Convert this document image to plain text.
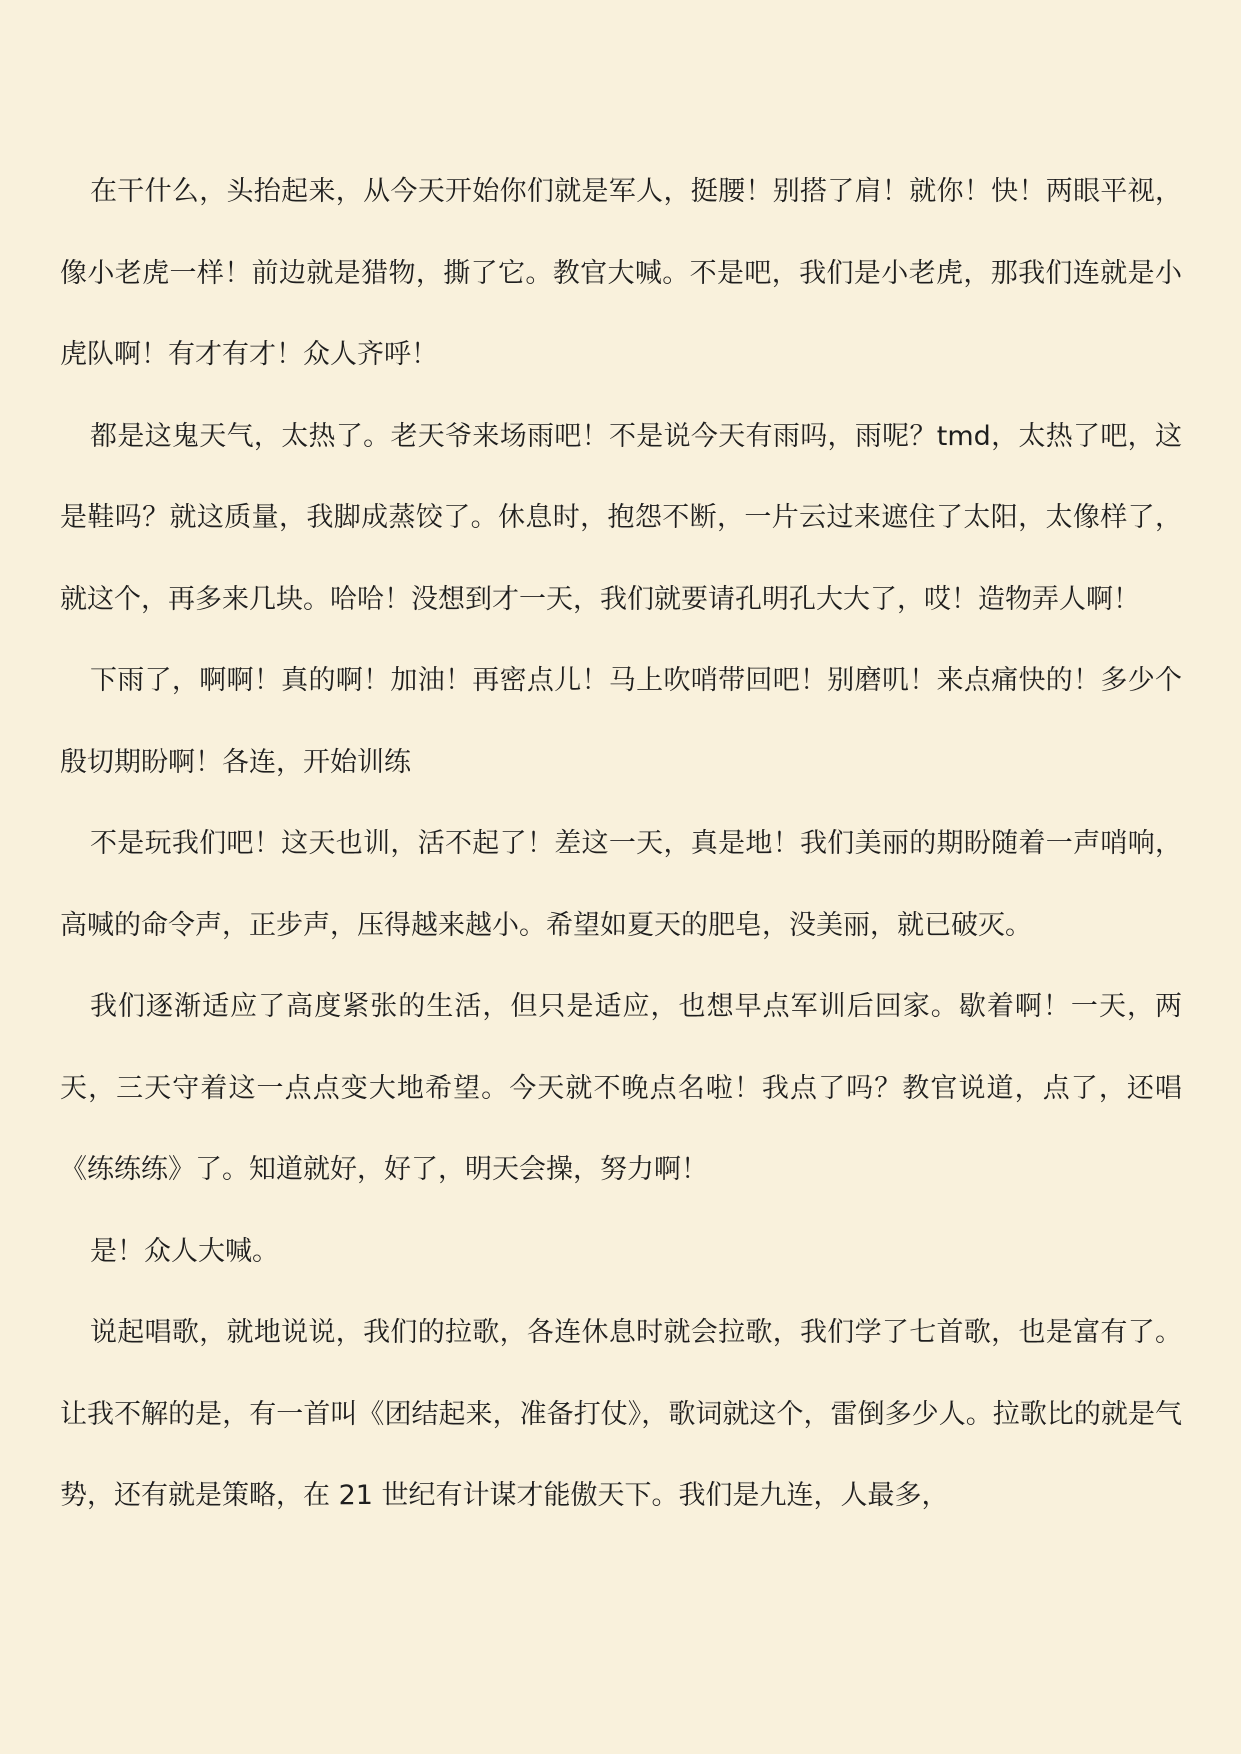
在干什么，头抬起来，从今天开始你们就是军人，挺腰！别搭了肩！就你！快！两眼平视，像小老虎一样！前边就是猎物，撕了它。教官大喊。不是吧，我们是小老虎，那我们连就是小虎队啊！有才有才！众人齐呼！

都是这鬼天气，太热了。老天爷来场雨吧！不是说今天有雨吗，雨呢？tmd，太热了吧，这是鞋吗？就这质量，我脚成蒸饺了。休息时，抱怨不断，一片云过来遮住了太阳，太像样了，就这个，再多来几块。哈哈！没想到才一天，我们就要请孔明孔大大了，哎！造物弄人啊！

下雨了，啊啊！真的啊！加油！再密点儿！马上吹哨带回吧！别磨叽！来点痛快的！多少个殷切期盼啊！各连，开始训练

不是玩我们吧！这天也训，活不起了！差这一天，真是地！我们美丽的期盼随着一声哨响，高喊的命令声，正步声，压得越来越小。希望如夏天的肥皂，没美丽，就已破灭。

我们逐渐适应了高度紧张的生活，但只是适应，也想早点军训后回家。歇着啊！一天，两天，三天守着这一点点变大地希望。今天就不晚点名啦！我点了吗？教官说道，点了，还唱《练练练》了。知道就好，好了，明天会操，努力啊！

是！众人大喊。

说起唱歌，就地说说，我们的拉歌，各连休息时就会拉歌，我们学了七首歌，也是富有了。让我不解的是，有一首叫《团结起来，准备打仗》，歌词就这个，雷倒多少人。拉歌比的就是气势，还有就是策略，在 21 世纪有计谋才能傲天下。我们是九连，人最多，
